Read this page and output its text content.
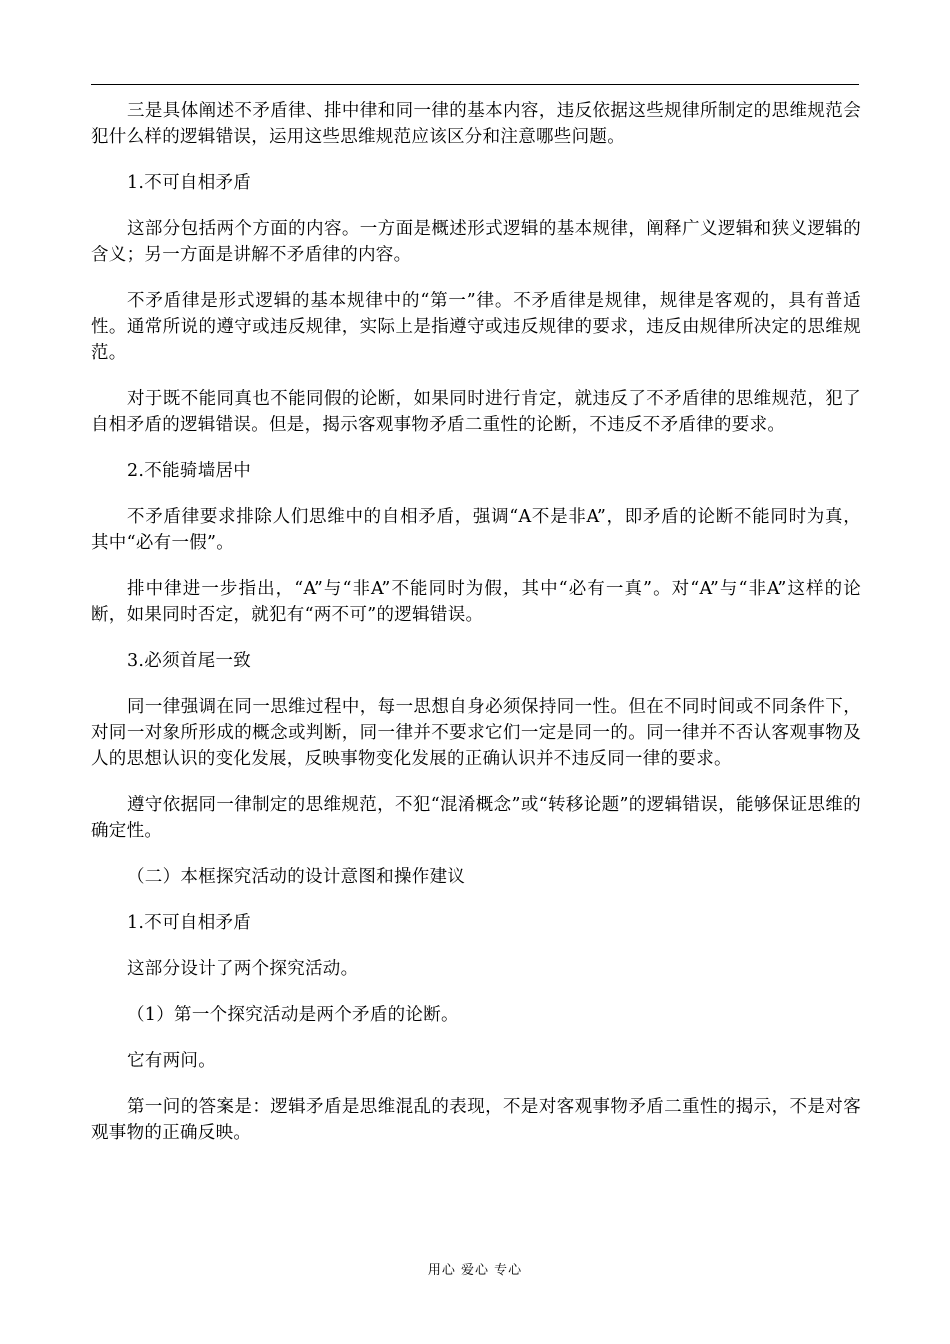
三是具体阐述不矛盾律、排中律和同一律的基本内容，违反依据这些规律所制定的思维规范会犯什么样的逻辑错误，运用这些思维规范应该区分和注意哪些问题。

1.不可自相矛盾

这部分包括两个方面的内容。一方面是概述形式逻辑的基本规律，阐释广义逻辑和狭义逻辑的含义；另一方面是讲解不矛盾律的内容。

不矛盾律是形式逻辑的基本规律中的“第一”律。不矛盾律是规律，规律是客观的，具有普适性。通常所说的遵守或违反规律，实际上是指遵守或违反规律的要求，违反由规律所决定的思维规范。

对于既不能同真也不能同假的论断，如果同时进行肯定，就违反了不矛盾律的思维规范，犯了自相矛盾的逻辑错误。但是，揭示客观事物矛盾二重性的论断，不违反不矛盾律的要求。

2.不能骑墙居中

不矛盾律要求排除人们思维中的自相矛盾，强调“A不是非A”，即矛盾的论断不能同时为真，其中“必有一假”。

排中律进一步指出，“A”与“非A”不能同时为假，其中“必有一真”。对“A”与“非A”这样的论断，如果同时否定，就犯有“两不可”的逻辑错误。

3.必须首尾一致

同一律强调在同一思维过程中，每一思想自身必须保持同一性。但在不同时间或不同条件下，对同一对象所形成的概念或判断，同一律并不要求它们一定是同一的。同一律并不否认客观事物及人的思想认识的变化发展，反映事物变化发展的正确认识并不违反同一律的要求。

遵守依据同一律制定的思维规范，不犯“混淆概念”或“转移论题”的逻辑错误，能够保证思维的确定性。

（二）本框探究活动的设计意图和操作建议

1.不可自相矛盾

这部分设计了两个探究活动。

（1）第一个探究活动是两个矛盾的论断。

它有两问。

第一问的答案是：逻辑矛盾是思维混乱的表现，不是对客观事物矛盾二重性的揭示，不是对客观事物的正确反映。

用心 爱心 专心
